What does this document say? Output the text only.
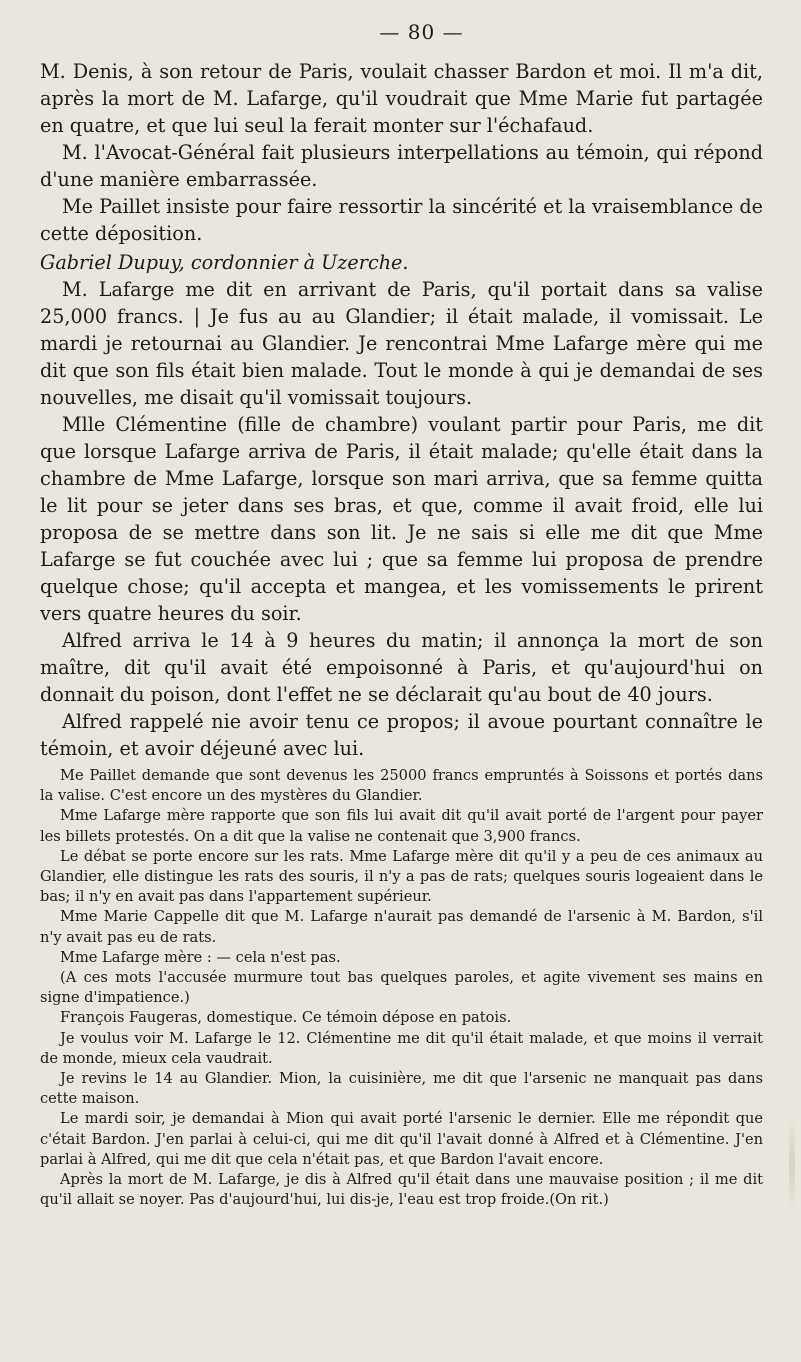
— 80 —

M. Denis, à son retour de Paris, voulait chasser Bardon et moi. Il m'a dit, après la mort de M. Lafarge, qu'il voudrait que Mme Marie fut partagée en quatre, et que lui seul la ferait monter sur l'échafaud.

M. l'Avocat-Général fait plusieurs interpellations au témoin, qui répond d'une manière embarrassée.

Me Paillet insiste pour faire ressortir la sincérité et la vraisemblance de cette déposition.

Gabriel Dupuy, cordonnier à Uzerche.

M. Lafarge me dit en arrivant de Paris, qu'il portait dans sa valise 25,000 francs. | Je fus au au Glandier; il était malade, il vomissait. Le mardi je retournai au Glandier. Je rencontrai Mme Lafarge mère qui me dit que son fils était bien malade. Tout le monde à qui je demandai de ses nouvelles, me disait qu'il vomissait toujours.

Mlle Clémentine (fille de chambre) voulant partir pour Paris, me dit que lorsque Lafarge arriva de Paris, il était malade; qu'elle était dans la chambre de Mme Lafarge, lorsque son mari arriva, que sa femme quitta le lit pour se jeter dans ses bras, et que, comme il avait froid, elle lui proposa de se mettre dans son lit. Je ne sais si elle me dit que Mme Lafarge se fut couchée avec lui ; que sa femme lui proposa de prendre quelque chose; qu'il accepta et mangea, et les vomissements le prirent vers quatre heures du soir.

Alfred arriva le 14 à 9 heures du matin; il annonça la mort de son maître, dit qu'il avait été empoisonné à Paris, et qu'aujourd'hui on donnait du poison, dont l'effet ne se déclarait qu'au bout de 40 jours.

Alfred rappelé nie avoir tenu ce propos; il avoue pourtant connaître le témoin, et avoir déjeuné avec lui.

Me Paillet demande que sont devenus les 25000 francs empruntés à Soissons et portés dans la valise. C'est encore un des mystères du Glandier.

Mme Lafarge mère rapporte que son fils lui avait dit qu'il avait porté de l'argent pour payer les billets protestés. On a dit que la valise ne contenait que 3,900 francs.

Le débat se porte encore sur les rats. Mme Lafarge mère dit qu'il y a peu de ces animaux au Glandier, elle distingue les rats des souris, il n'y a pas de rats; quelques souris logeaient dans le bas; il n'y en avait pas dans l'appartement supérieur.

Mme Marie Cappelle dit que M. Lafarge n'aurait pas demandé de l'arsenic à M. Bardon, s'il n'y avait pas eu de rats.

Mme Lafarge mère : — cela n'est pas.

(A ces mots l'accusée murmure tout bas quelques paroles, et agite vivement ses mains en signe d'impatience.)

François Faugeras, domestique. Ce témoin dépose en patois.

Je voulus voir M. Lafarge le 12. Clémentine me dit qu'il était malade, et que moins il verrait de monde, mieux cela vaudrait.

Je revins le 14 au Glandier. Mion, la cuisinière, me dit que l'arsenic ne manquait pas dans cette maison.

Le mardi soir, je demandai à Mion qui avait porté l'arsenic le dernier. Elle me répondit que c'était Bardon. J'en parlai à celui-ci, qui me dit qu'il l'avait donné à Alfred et à Clémentine. J'en parlai à Alfred, qui me dit que cela n'était pas, et que Bardon l'avait encore.

Après la mort de M. Lafarge, je dis à Alfred qu'il était dans une mauvaise position ; il me dit qu'il allait se noyer. Pas d'aujourd'hui, lui dis-je, l'eau est trop froide.(On rit.)
